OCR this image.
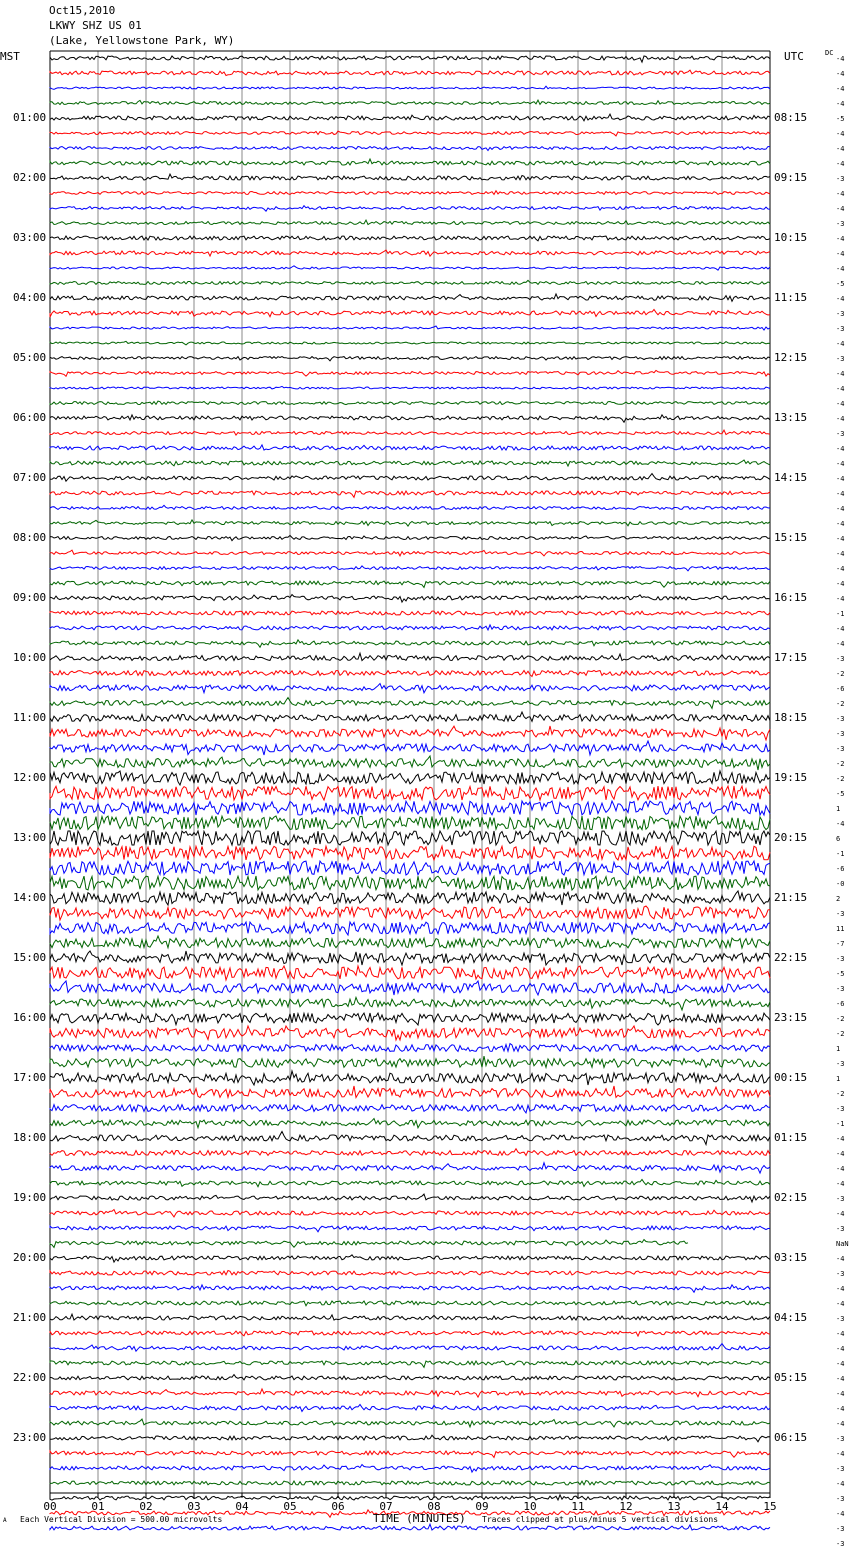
Oct15,2010
LKWY SHZ US 01
(Lake, Yellowstone Park, WY)
MST	UTC	DC
00	01	02	03	04	05	06	07	08	09	10	11	12	13	14	15
01:00	08:15
02:00	09:15
03:00	10:15
04:00	11:15
05:00	12:15
06:00	13:15
07:00	14:15
08:00	15:15
09:00	16:15
10:00	17:15
11:00	18:15
12:00	19:15
13:00	20:15
14:00	21:15
15:00	22:15
16:00	23:15
17:00	00:15
18:00	01:15
19:00	02:15
20:00	03:15
21:00	04:15
22:00	05:15
23:00	06:15
-4
-4
-4
-4
-5
-4
-4
-4
-3
-4
-4
-3
-4
-4
-4
-5
-4
-3
-3
-4
-3
-4
-4
-4
-4
-3
-4
-4
-4
-4
-4
-4
-4
-4
-4
-4
-4
-1
-4
-4
-3
-2
-6
-2
-3
-3
-3
-2
-2
-5
1
-4
6
-1
-6
-0
2
-3
11
-7
-3
-5
-3
-6
-2
-2
1
-3
1
-2
-3
-1
-4
-4
-4
-4
-3
-4
-3
NaN
-4
-3
-4
-4
-3
-4
-4
-4
-4
-4
-4
-4
-3
-4
-3
-4
-3
-4
-3
-3
A Each Vertical Division = 500.00 microvolts	TIME (MINUTES) Traces clipped at plus/minus 5 vertical divisions
